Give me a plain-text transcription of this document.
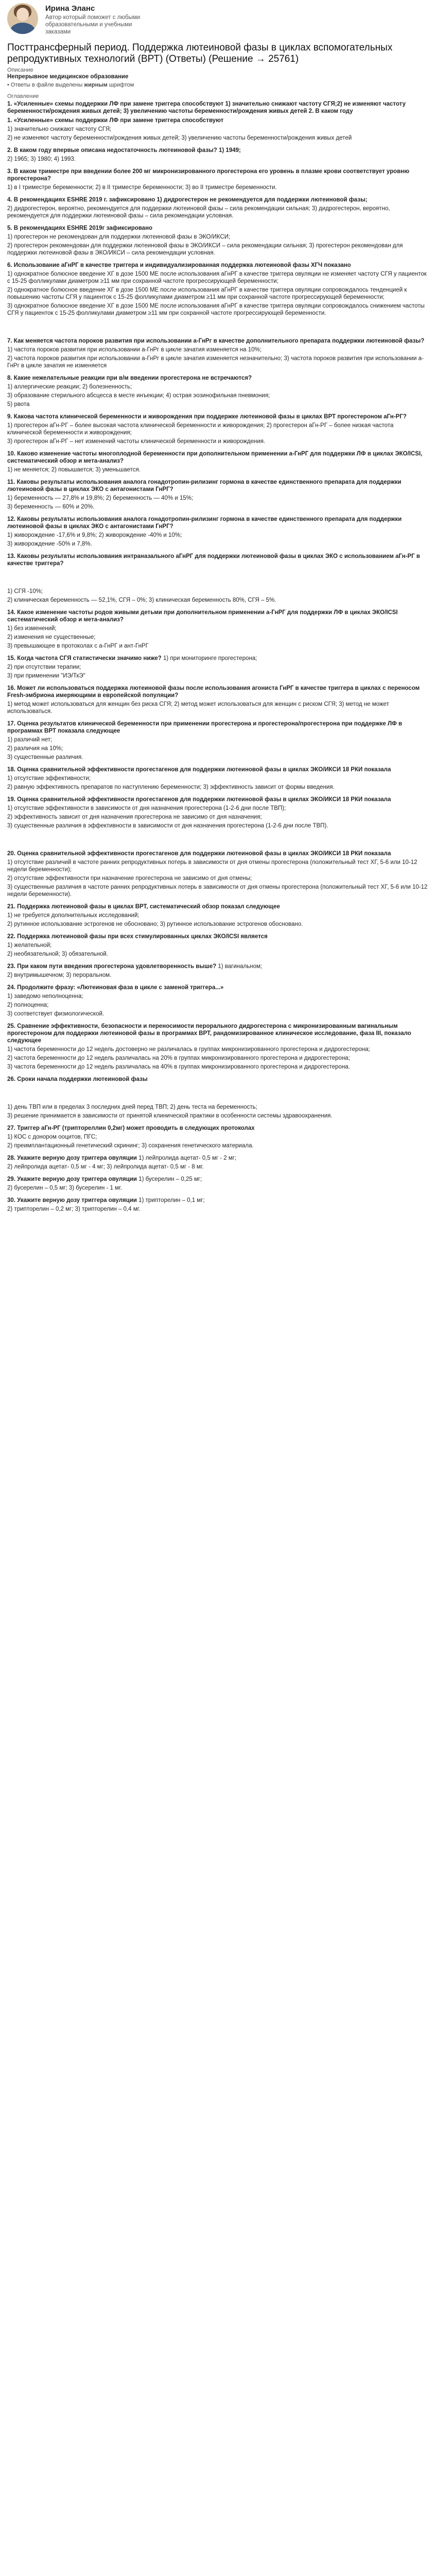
Ирина Эланс
Автор который поможет с любыми образовательными и учебными заказами
Посттрансферный период. Поддержка лютеиновой фазы в циклах вспомогательных репродуктивных технологий (ВРТ) (Ответы) (Решение → 25761)
Описание
Непрерывное медицинское образование
• Ответы в файле выделены жирным шрифтом
Оглавление
1. «Усиленные» схемы поддержки ЛФ при замене триггера способствуют 1) значительно снижают частоту СГЯ;2) не изменяют частоту беременности/рождения живых детей; 3) увеличению частоты беременности/рождения живых детей 2. В каком году
1. «Усиленные» схемы поддержки ЛФ при замене триггера способствуют
1) значительно снижают частоту СГЯ;
2) не изменяют частоту беременности/рождения живых детей; 3) увеличению частоты беременности/рождения живых детей
2. В каком году впервые описана недостаточность лютеиновой фазы? 1) 1949;
2) 1965; 3) 1980; 4) 1993.
3. В каком триместре при введении более 200 мг микронизированного прогестерона его уровень в плазме крови соответствует уровню прогестерона?
1) в I триместре беременности; 2) в II триместре беременности; 3) во II триместре беременности.
4. В рекомендациях ESHRE 2019 г. зафиксировано 1) дидрогестерон не рекомендуется для поддержки лютеиновой фазы;
2) дидрогестерон, вероятно, рекомендуется для поддержки лютеиновой фазы – сила рекомендации сильная; 3) дидрогестерон, вероятно, рекомендуется для поддержки лютеиновой фазы – сила рекомендации условная.
5. В рекомендациях ESHRE 2019г зафиксировано
1) прогестерон не рекомендован для поддержки лютеиновой фазы в ЭКО/ИКСИ;
2) прогестерон рекомендован для поддержки лютеиновой фазы в ЭКО/ИКСИ – сила рекомендации сильная; 3) прогестерон рекомендован для поддержки лютеиновой фазы в ЭКО/ИКСИ – сила рекомендации условная.
6. Использование аГнРГ в качестве триггера и индивидуализированная поддержка лютеиновой фазы ХГЧ показано
1) однократное болюсное введение ХГ в дозе 1500 МЕ после использования аГнРГ в качестве триггера овуляции не изменяет частоту СГЯ у пациенток с 15-25 фолликулами диаметром ≥11 мм при сохранной частоте прогрессирующей беременности;
2) однократное болюсное введение ХГ в дозе 1500 МЕ после использования аГнРГ в качестве триггера овуляции сопровождалось тенденцией к повышению частоты СГЯ у пациенток с 15-25 фолликулами диаметром ≥11 мм при сохранной частоте прогрессирующей беременности;
3) однократное болюсное введение ХГ в дозе 1500 МЕ после использования аГнРГ в качестве триггера овуляции сопровождалось снижением частоты СГЯ у пациенток с 15-25 фолликулами диаметром ≥11 мм при сохранной частоте прогрессирующей беременности.
7. Как меняется частота пороков развития при использовании а-ГнРг в качестве дополнительного препарата поддержки лютеиновой фазы?
1) частота пороков развития при использовании а-ГнРг в цикле зачатия изменяется на 10%;
2) частота пороков развития при использовании а-ГнРг в цикле зачатия изменяется незначительно; 3) частота пороков развития при использовании а-ГнРг в цикле зачатия не изменяется
8. Какие нежелательные реакции при в/м введении прогестерона не встречаются?
1) аллергические реакции; 2) болезненность;
3) образование стерильного абсцесса в месте инъекции; 4) острая эозинофильная пневмония;
5) рвота
9. Какова частота клинической беременности и живорождения при поддержке лютеиновой фазы в циклах ВРТ прогестероном аГн-РГ?
1) прогестерон аГн-РГ – более высокая частота клинической беременности и живорождения; 2) прогестерон аГн-РГ – более низкая частота клинической беременности и живорождения;
3) прогестерон аГн-РГ – нет изменений частоты клинической беременности и живорождения.
10. Каково изменение частоты многоплодной беременности при дополнительном применении а-ГнРГ для поддержки ЛФ в циклах ЭКО/ICSI, систематический обзор и мета-анализ?
1) не меняется; 2) повышается; 3) уменьшается.
11. Каковы результаты использования аналога гонадотропин-рилизинг гормона в качестве единственного препарата для поддержки лютеиновой фазы в циклах ЭКО с антагонистами ГнРГ?
1) беременность — 27,8% и 19,8%; 2) беременность — 40% и 15%;
3) беременность — 60% и 20%.
12. Каковы результаты использования аналога гонадотропин-рилизинг гормона в качестве единственного препарата для поддержки лютеиновой фазы в циклах ЭКО с антагонистами ГнРГ?
1) живорождение -17,6% и 9,8%; 2) живорождение -40% и 10%;
3) живорождение -50% и 7,8%.
13. Каковы результаты использования интраназального аГнРГ для поддержки лютеиновой фазы в циклах ЭКО с использованием аГн-РГ в качестве триггера?
1) СГЯ -10%;
2) клиническая беременность — 52,1%, СГЯ – 0%; 3) клиническая беременность 80%, СГЯ – 5%.
14. Какое изменение частоты родов живыми детьми при дополнительном применении а-ГнРГ для поддержки ЛФ в циклах ЭКО/ICSI систематический обзор и мета-анализ?
1) без изменений;
2) изменения не существенные;
3) превышающее в протоколах с а-ГнРГ и ант-ГнРГ
15. Когда частота СГЯ статистически значимо ниже? 1) при мониторинге прогестерона;
2) при отсутствии терапии;
3) при применении "ИЭ/ТкЭ"
16. Может ли использоваться поддержка лютеиновой фазы после использования агониста ГнРГ в качестве триггера в циклах с переносом Fresh-эмбриона имеряющими в европейской популяции?
1) метод может использоваться для женщин без риска СГЯ; 2) метод может использоваться для женщин с риском СГЯ; 3) метод не может использоваться.
17. Оценка результатов клинической беременности при применении прогестерона и прогестерона/прогестерона при поддержке ЛФ в программах ВРТ показала следующее
1) различий нет;
2) различия на 10%;
3) существенные различия.
18. Оценка сравнительной эффективности прогестагенов для поддержки лютеиновой фазы в циклах ЭКО/ИКСИ 18 РКИ показала
1) отсутствие эффективности;
2) равную эффективность препаратов по наступлению беременности; 3) эффективность зависит от формы введения.
19. Оценка сравнительной эффективности прогестагенов для поддержки лютеиновой фазы в циклах ЭКО/ИКСИ 18 РКИ показала
1) отсутствие эффективности в зависимости от дня назначения прогестерона (1-2-6 дни после ТВП);
2) эффективность зависит от дня назначения прогестерона не зависимо от дня назначения;
3) существенные различия в эффективности в зависимости от дня назначения прогестерона (1-2-6 дни после ТВП).
20. Оценка сравнительной эффективности прогестагенов для поддержки лютеиновой фазы в циклах ЭКО/ИКСИ 18 РКИ показала
1) отсутствие различий в частоте ранних репродуктивных потерь в зависимости от дня отмены прогестерона (положительный тест ХГ, 5-6 или 10-12 недели беременности);
2) отсутствие эффективности при назначение прогестерона не зависимо от дня отмены;
3) существенные различия в частоте ранних репродуктивных потерь в зависимости от дня отмены прогестерона (положительный тест ХГ, 5-6 или 10-12 недели беременности).
21. Поддержка лютеиновой фазы в циклах ВРТ, систематический обзор показал следующее
1) не требуется дополнительных исследований;
2) рутинное использование эстрогенов не обосновано; 3) рутинное использование эстрогенов обосновано.
22. Поддержка лютеиновой фазы при всех стимулированных циклах ЭКО/ICSI является
1) желательной;
2) необязательной; 3) обязательной.
23. При каком пути введения прогестерона удовлетворенность выше? 1) вагинальном;
2) внутримышечном; 3) пероральном.
24. Продолжите фразу: «Лютеиновая фаза в цикле с заменой триггера...»
1) заведомо неполноценна;
2) полноценна;
3) соответствует физиологической.
25. Сравнение эффективности, безопасности и переносимости перорального дидрогестерона с микронизированным вагинальным прогестероном для поддержки лютеиновой фазы в программах ВРТ, рандомизированное клиническое исследование, фаза III, показало следующее
1) частота беременности до 12 недель достоверно не различалась в группах микронизированного прогестерона и дидрогестерона;
2) частота беременности до 12 недель различалась на 20% в группах микронизированного прогестерона и дидрогестерона;
3) частота беременности до 12 недель различалась на 40% в группах микронизированного прогестерона и дидрогестерона.
26. Сроки начала поддержки лютеиновой фазы
1) день ТВП или в пределах 3 последних дней перед ТВП; 2) день теста на беременность;
3) решение принимается в зависимости от принятой клинической практики в особенности системы здравоохранения.
27. Триггер аГн-РГ (триптореллин 0,2мг) может проводить в следующих протоколах
1) КОС с донором ооцитов, ПГС;
2) преимплантационный генетический скрининг; 3) сохранения генетического материала.
28. Укажите верную дозу триггера овуляции 1) лейпролида ацетат- 0,5 мг - 2 мг;
2) лейпролида ацетат- 0,5 мг - 4 мг; 3) лейпролида ацетат- 0,5 мг - 8 мг.
29. Укажите верную дозу триггера овуляции 1) бусерелин – 0,25 мг;
2) бусерелин – 0,5 мг; 3) бусерелин - 1 мг.
30. Укажите верную дозу триггера овуляции 1) трипторелин – 0,1 мг;
2) трипторелин – 0,2 мг; 3) трипторелин – 0,4 мг.
